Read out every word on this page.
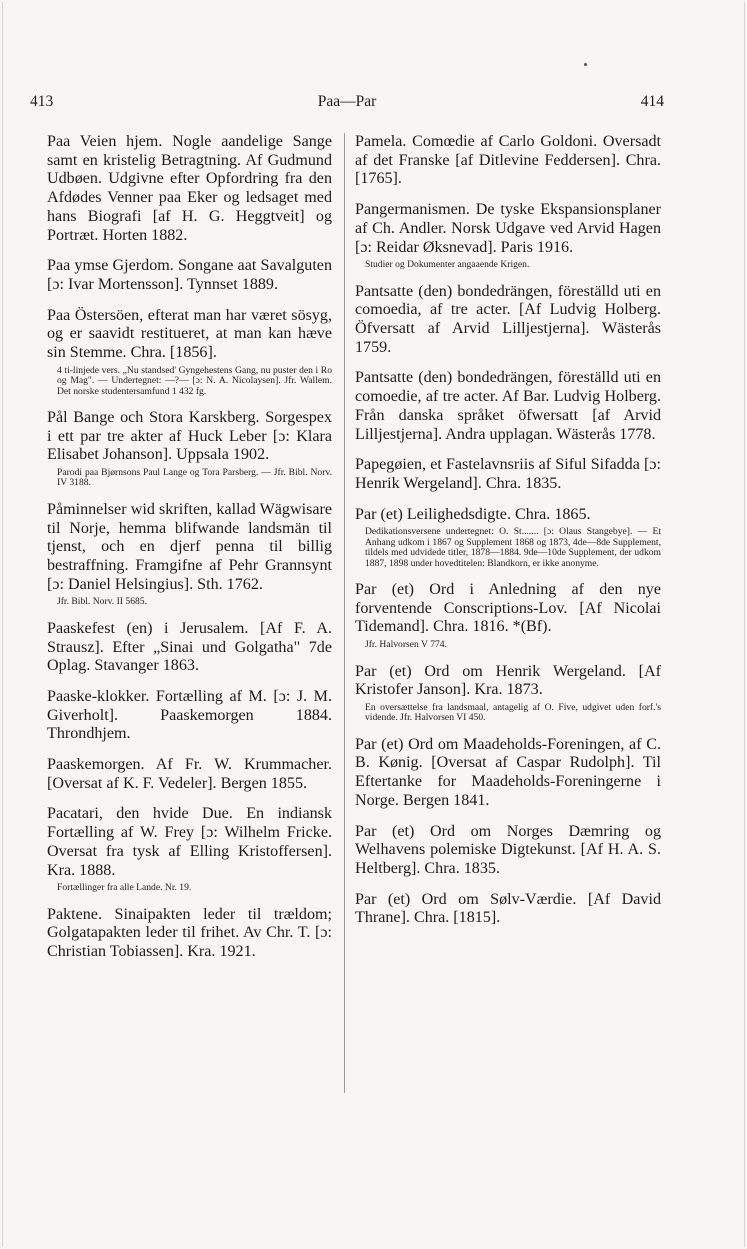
413	Paa—Par	414
Paa Veien hjem. Nogle aandelige Sange samt en kristelig Betragtning. Af Gudmund Udbøen. Udgivne efter Opfordring fra den Afdødes Venner paa Eker og ledsaget med hans Biografi [af H. G. Heggtveit] og Portræt. Horten 1882.
Paa ymse Gjerdom. Songane aat Savalguten [ɔ: Ivar Mortensson]. Tynnset 1889.
Paa Östersöen, efterat man har været sösyg, og er saavidt restitueret, at man kan hæve sin Stemme. Chra. [1856].
4 ti-linjede vers. „Nu standsed' Gyngehestens Gang, nu puster den i Ro og Mag". — Undertegnet: —?— [ɔ: N. A. Nicolaysen]. Jfr. Wallem. Det norske studentersamfund 1 432 fg.
Pål Bange och Stora Karskberg. Sorgespex i ett par tre akter af Huck Leber [ɔ: Klara Elisabet Johanson]. Uppsala 1902.
Parodi paa Bjørnsons Paul Lange og Tora Parsberg. — Jfr. Bibl. Norv. IV 3188.
Påminnelser wid skriften, kallad Wägwisare til Norje, hemma blifwande landsmän til tjenst, och en djerf penna til billig bestraffning. Framgifne af Pehr Grannsynt [ɔ: Daniel Helsingius]. Sth. 1762.
Jfr. Bibl. Norv. II 5685.
Paaskefest (en) i Jerusalem. [Af F. A. Strausz]. Efter „Sinai und Golgatha" 7de Oplag. Stavanger 1863.
Paaske-klokker. Fortælling af M. [ɔ: J. M. Giverholt]. Paaskemorgen 1884. Throndhjem.
Paaskemorgen. Af Fr. W. Krummacher. [Oversat af K. F. Vedeler]. Bergen 1855.
Pacatari, den hvide Due. En indiansk Fortælling af W. Frey [ɔ: Wilhelm Fricke. Oversat fra tysk af Elling Kristoffersen]. Kra. 1888.
Fortællinger fra alle Lande. Nr. 19.
Paktene. Sinaipakten leder til trældom; Golgatapakten leder til frihet. Av Chr. T. [ɔ: Christian Tobiassen]. Kra. 1921.
Pamela. Comœdie af Carlo Goldoni. Oversadt af det Franske [af Ditlevine Feddersen]. Chra. [1765].
Pangermanismen. De tyske Ekspansionsplaner af Ch. Andler. Norsk Udgave ved Arvid Hagen [ɔ: Reidar Øksnevad]. Paris 1916.
Studier og Dokumenter angaaende Krigen.
Pantsatte (den) bondedrängen, föreställd uti en comoedia, af tre acter. [Af Ludvig Holberg. Öfversatt af Arvid Lilljestjerna]. Wästerås 1759.
Pantsatte (den) bondedrängen, föreställd uti en comoedie, af tre acter. Af Bar. Ludvig Holberg. Från danska språket öfwersatt [af Arvid Lilljestjerna]. Andra upplagan. Wästerås 1778.
Papegøien, et Fastelavnsriis af Siful Sifadda [ɔ: Henrik Wergeland]. Chra. 1835.
Par (et) Leilighedsdigte. Chra. 1865.
Dedikationsversene undertegnet: O. St....... [ɔ: Olaus Stangebye]. — Et Anhang udkom i 1867 og Supplement 1868 og 1873, 4de—8de Supplement, tildels med udvidede titler, 1878—1884. 9de—10de Supplement, der udkom 1887, 1898 under hovedtitelen: Blandkorn, er ikke anonyme.
Par (et) Ord i Anledning af den nye forventende Conscriptions-Lov. [Af Nicolai Tidemand]. Chra. 1816. *(Bf).
Jfr. Halvorsen V 774.
Par (et) Ord om Henrik Wergeland. [Af Kristofer Janson]. Kra. 1873.
En oversættelse fra landsmaal, antagelig af O. Five, udgivet uden forf.'s vidende. Jfr. Halvorsen VI 450.
Par (et) Ord om Maadeholds-Foreningen, af C. B. Kønig. [Oversat af Caspar Rudolph]. Til Eftertanke for Maadeholds-Foreningerne i Norge. Bergen 1841.
Par (et) Ord om Norges Dæmring og Welhavens polemiske Digtekunst. [Af H. A. S. Heltberg]. Chra. 1835.
Par (et) Ord om Sølv-Værdie. [Af David Thrane]. Chra. [1815].
